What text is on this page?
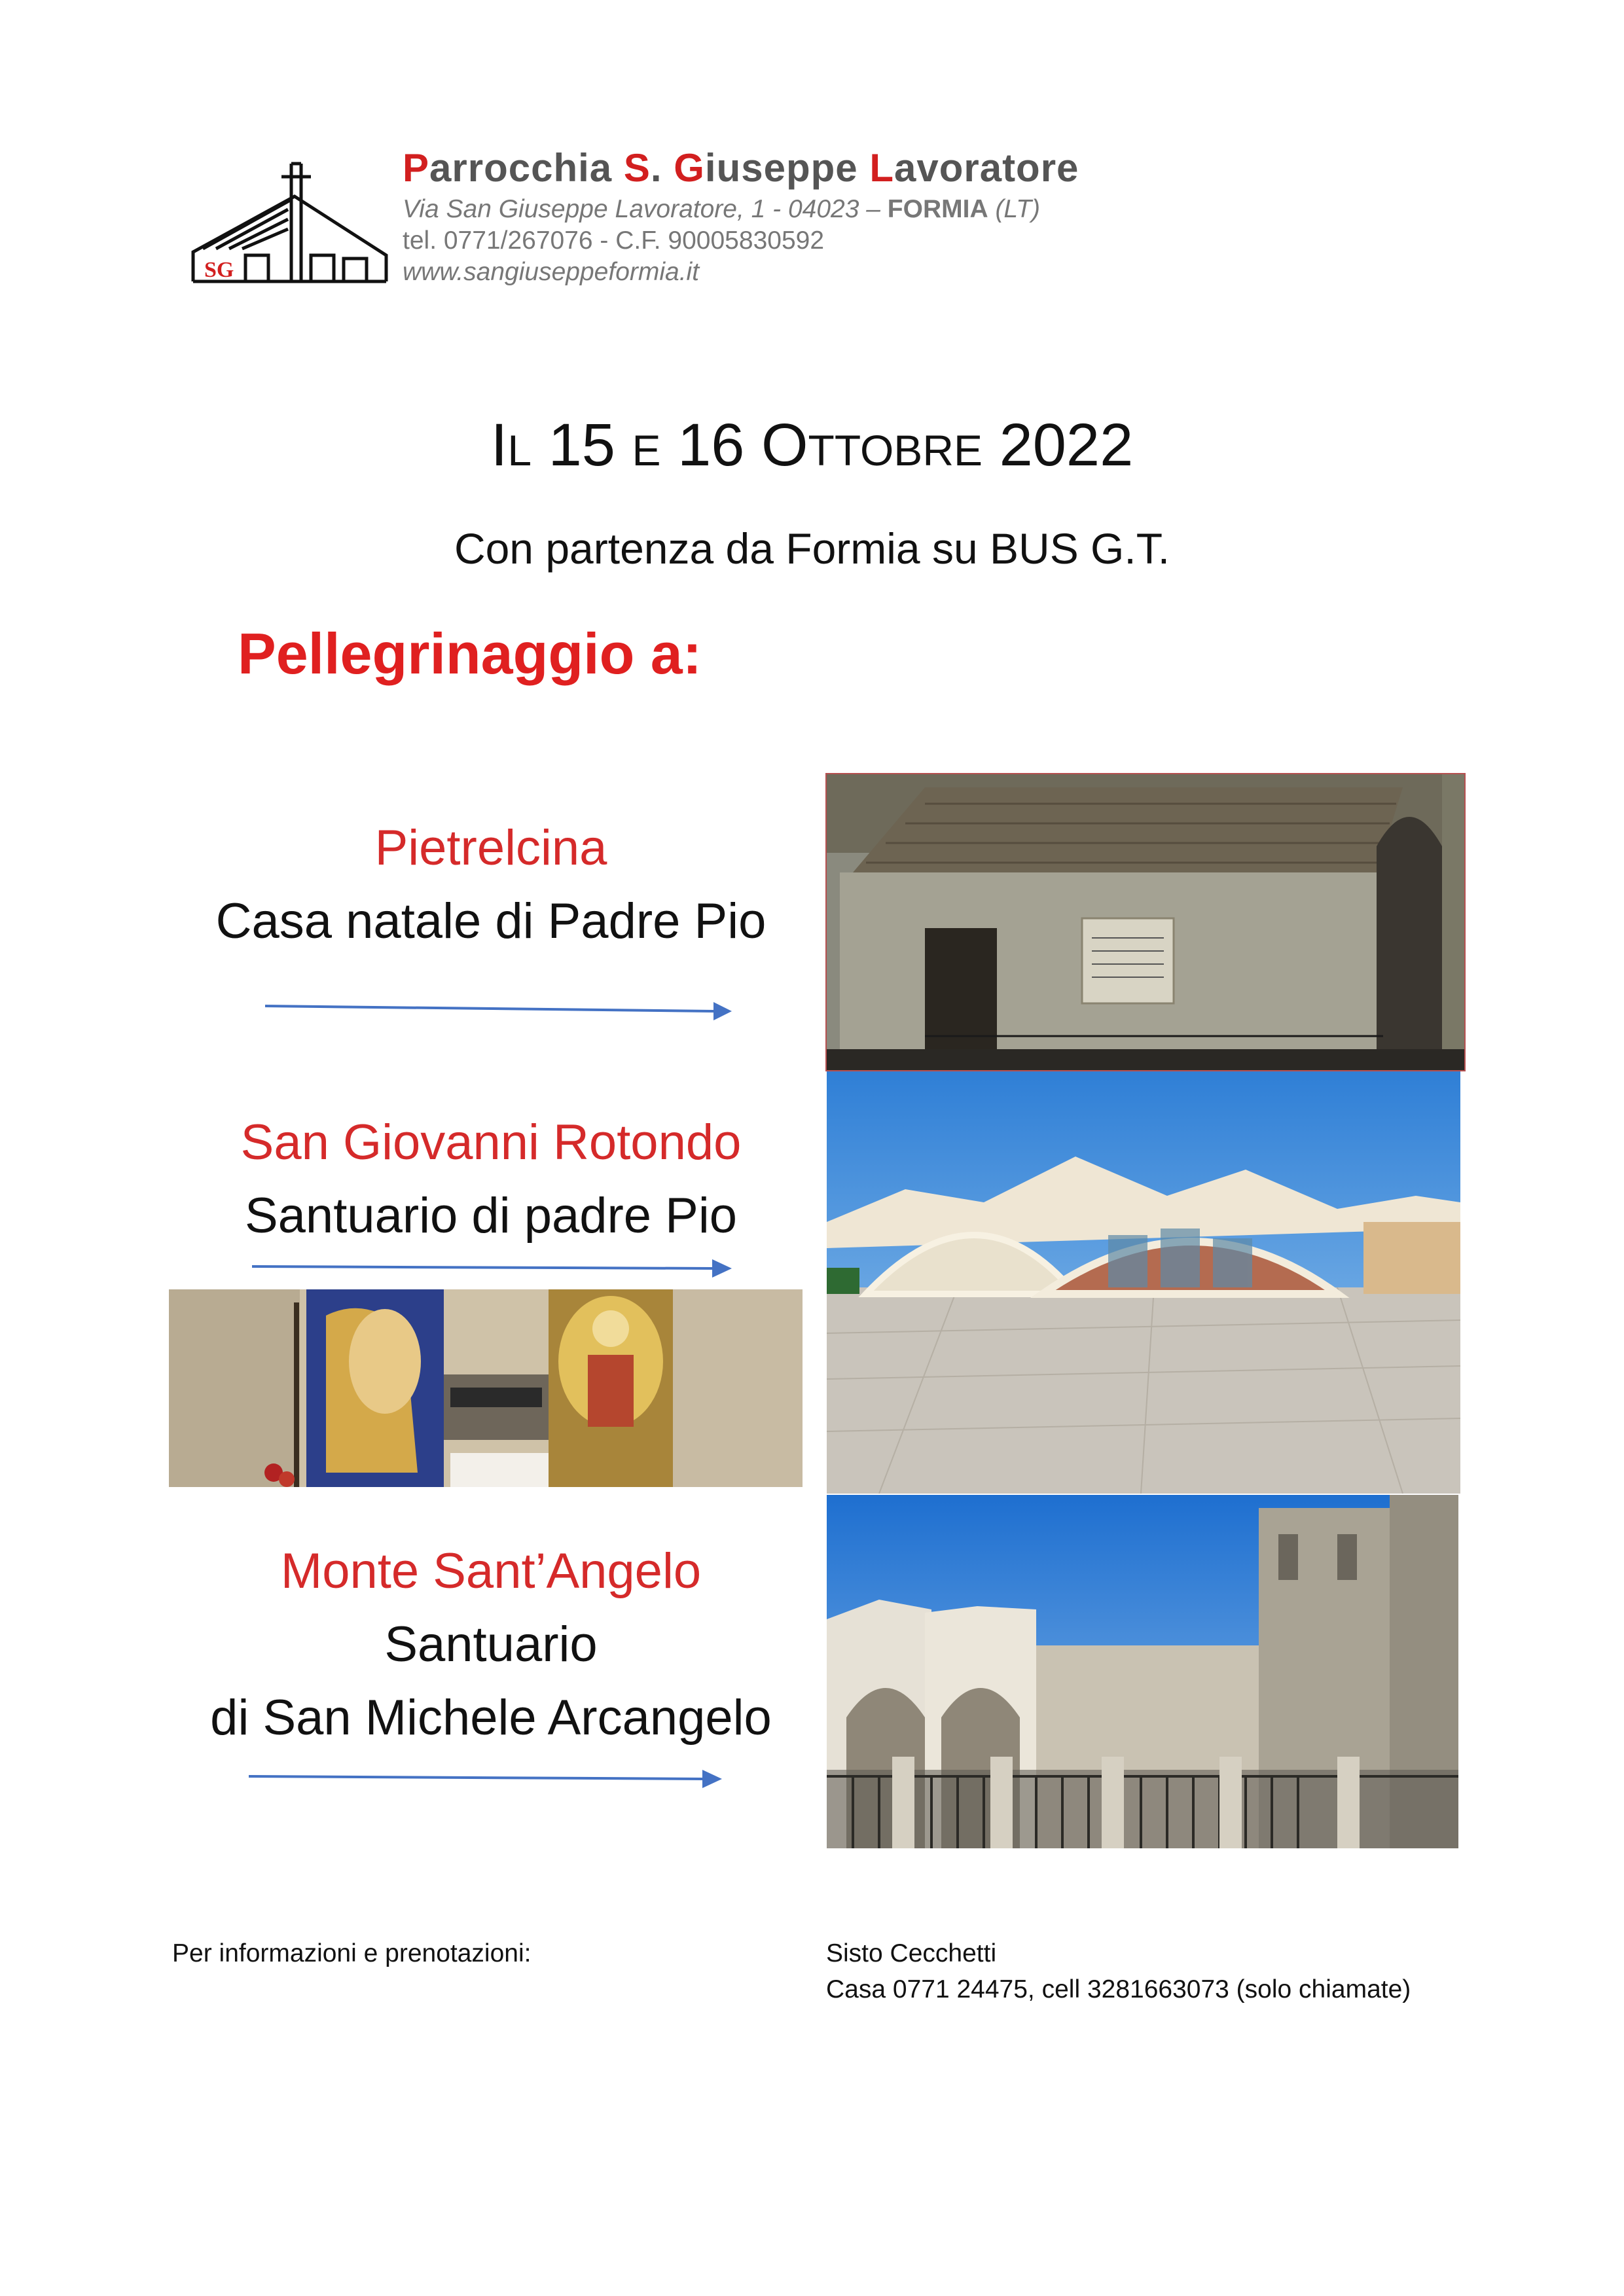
SG
Parrocchia S. Giuseppe Lavoratore
Via San Giuseppe Lavoratore, 1 - 04023 – FORMIA (LT)
tel. 0771/267076 - C.F. 90005830592
www.sangiuseppeformia.it
IL 15 E 16 OTTOBRE 2022
Con partenza da Formia su BUS G.T.
Pellegrinaggio a:
Pietrelcina
Casa natale di Padre Pio
San Giovanni Rotondo
Santuario di padre Pio
Monte Sant’Angelo
Santuario
di San Michele Arcangelo
Per informazioni e prenotazioni:	Sisto Cecchetti
Casa 0771 24475, cell 3281663073 (solo chiamate)
